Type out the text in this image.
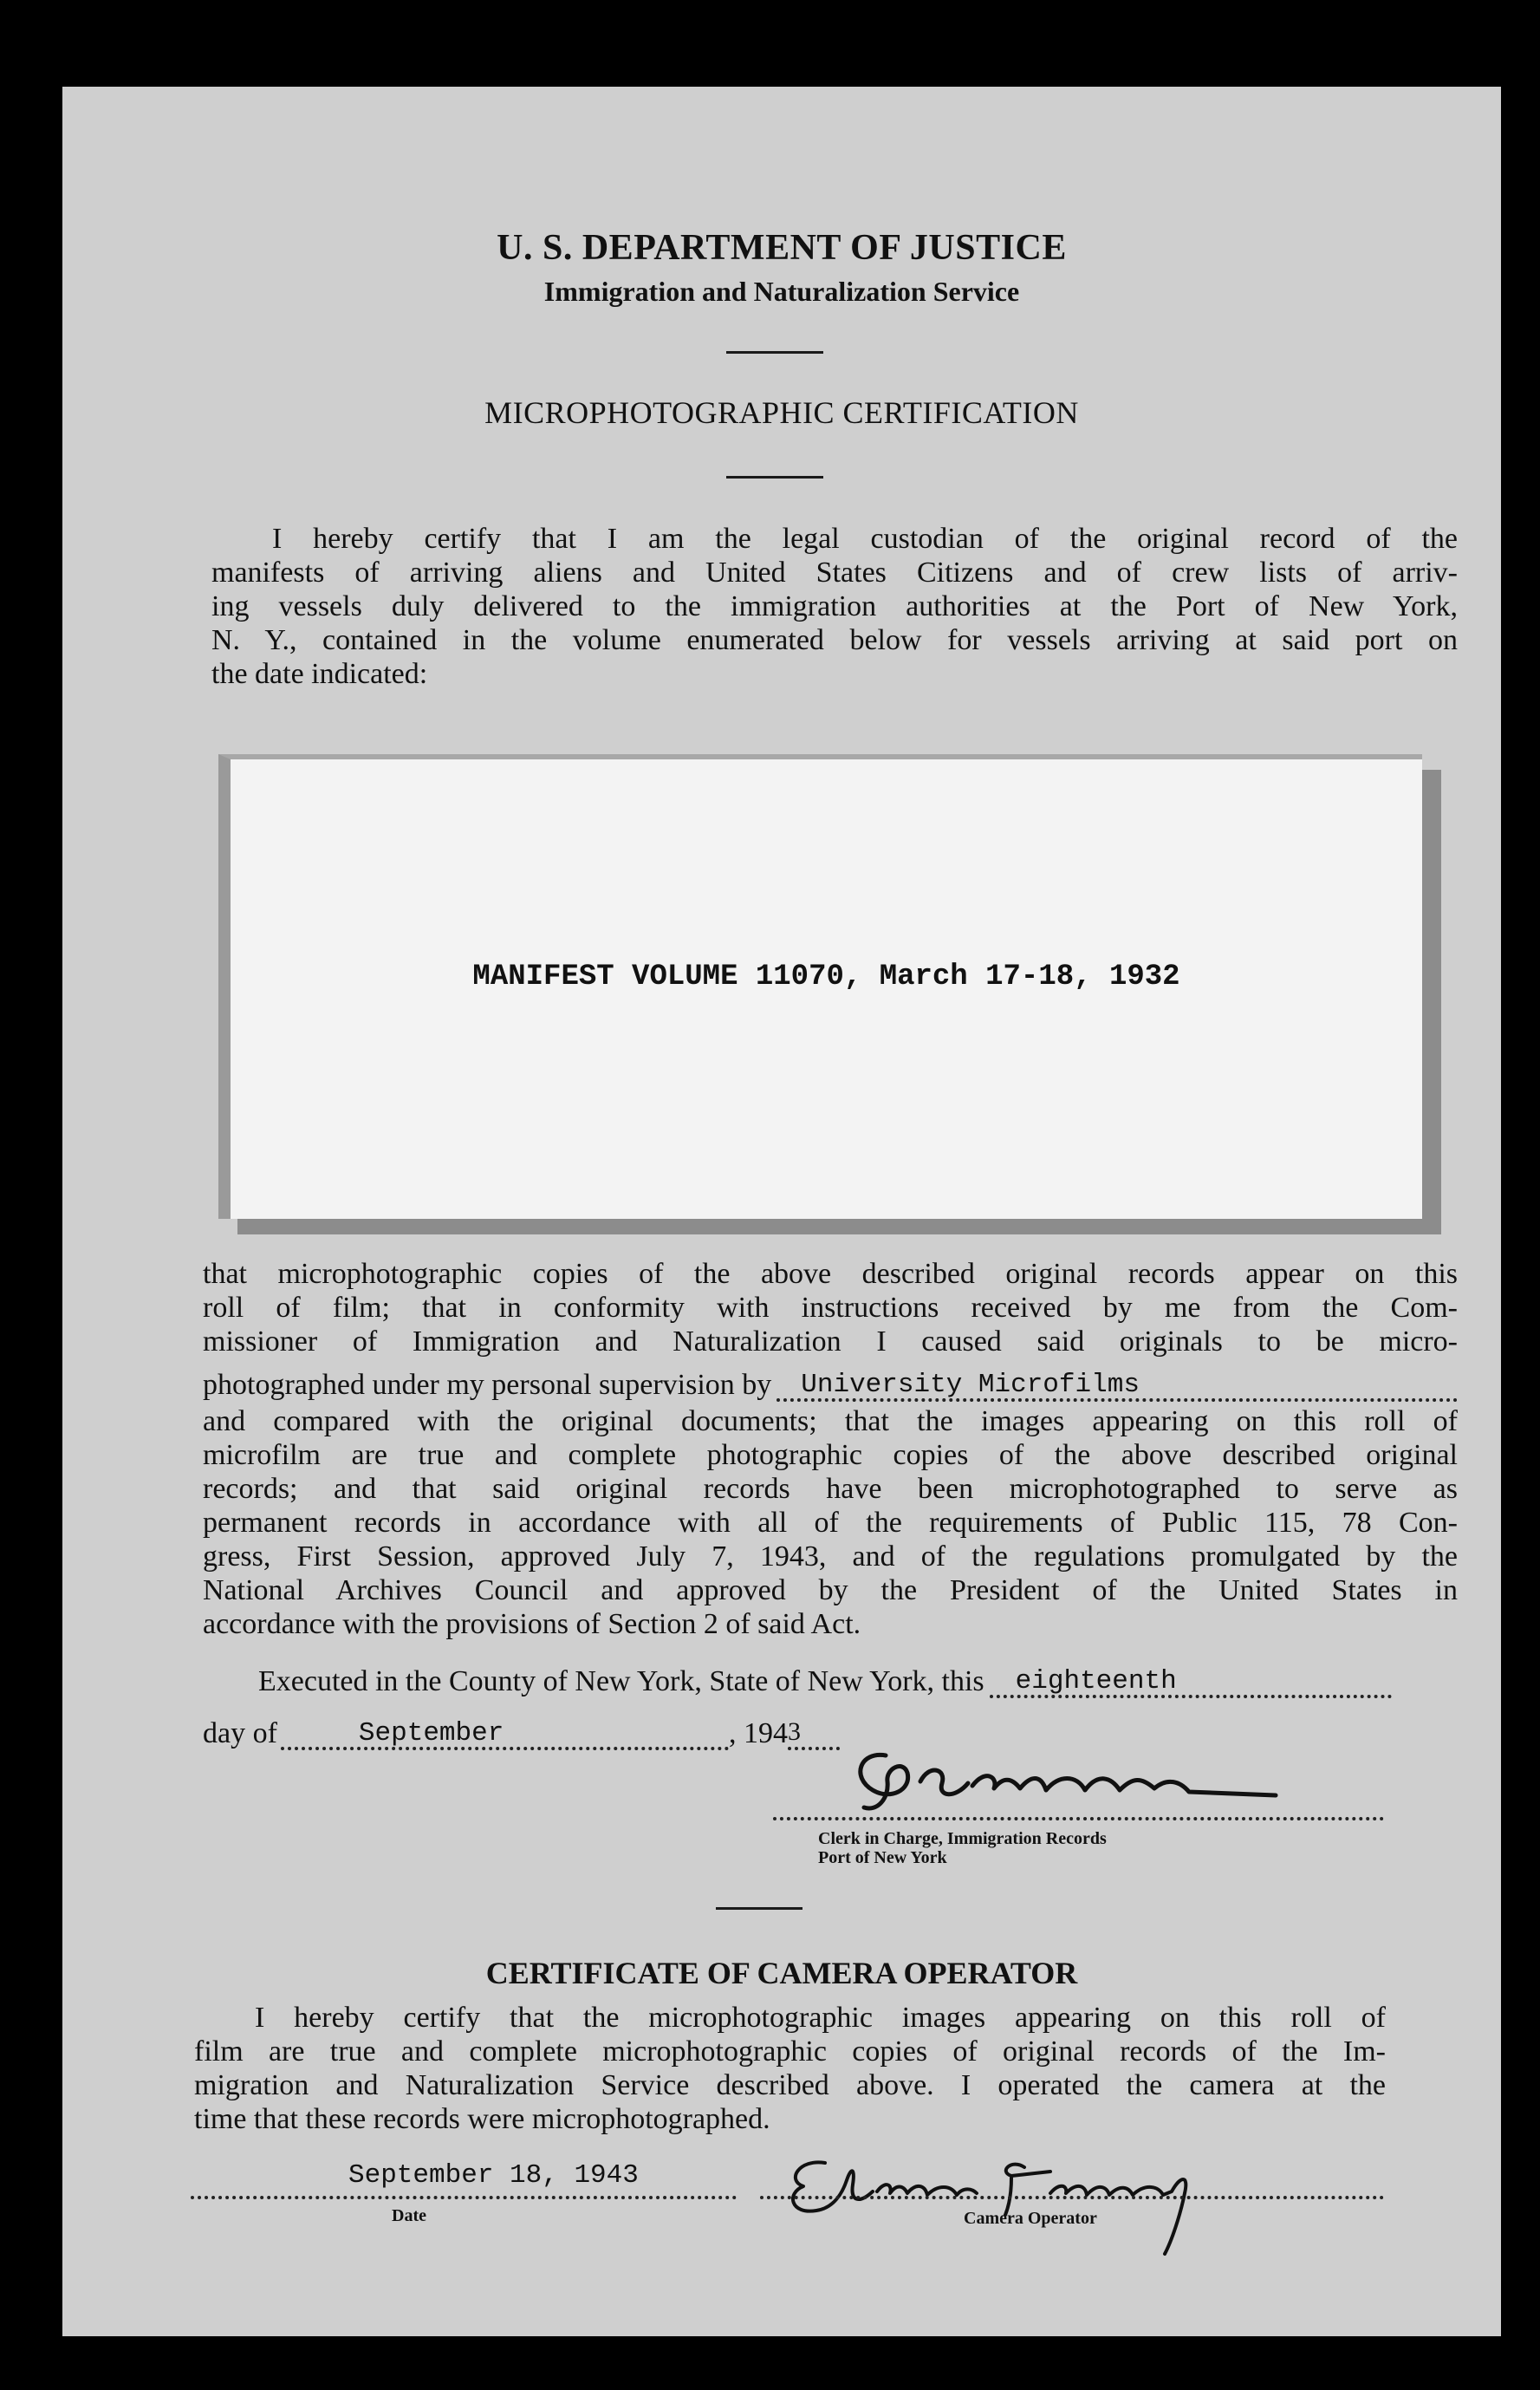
U. S. DEPARTMENT OF JUSTICE
Immigration and Naturalization Service
MICROPHOTOGRAPHIC CERTIFICATION
I hereby certify that I am the legal custodian of the original record of the
manifests of arriving aliens and United States Citizens and of crew lists of arriv-
ing vessels duly delivered to the immigration authorities at the Port of New York,
N. Y., contained in the volume enumerated below for vessels arriving at said port on
the date indicated:
MANIFEST VOLUME 11070, March 17-18, 1932
that microphotographic copies of the above described original records appear on this
roll of film; that in conformity with instructions received by me from the Com-
missioner of Immigration and Naturalization I caused said originals to be micro-
photographed under my personal supervision by University Microfilms
and compared with the original documents; that the images appearing on this roll of
microfilm are true and complete photographic copies of the above described original
records; and that said original records have been microphotographed to serve as
permanent records in accordance with all of the requirements of Public 115, 78 Con-
gress, First Session, approved July 7, 1943, and of the regulations promulgated by the
National Archives Council and approved by the President of the United States in
accordance with the provisions of Section 2 of said Act.
Executed in the County of New York, State of New York, this eighteenth
day of	September	, 194 3
Clerk in Charge, Immigration Records
Port of New York
CERTIFICATE OF CAMERA OPERATOR
I hereby certify that the microphotographic images appearing on this roll of
film are true and complete microphotographic copies of original records of the Im-
migration and Naturalization Service described above. I operated the camera at the
time that these records were microphotographed.
September 18, 1943
Date	Camera Operator
